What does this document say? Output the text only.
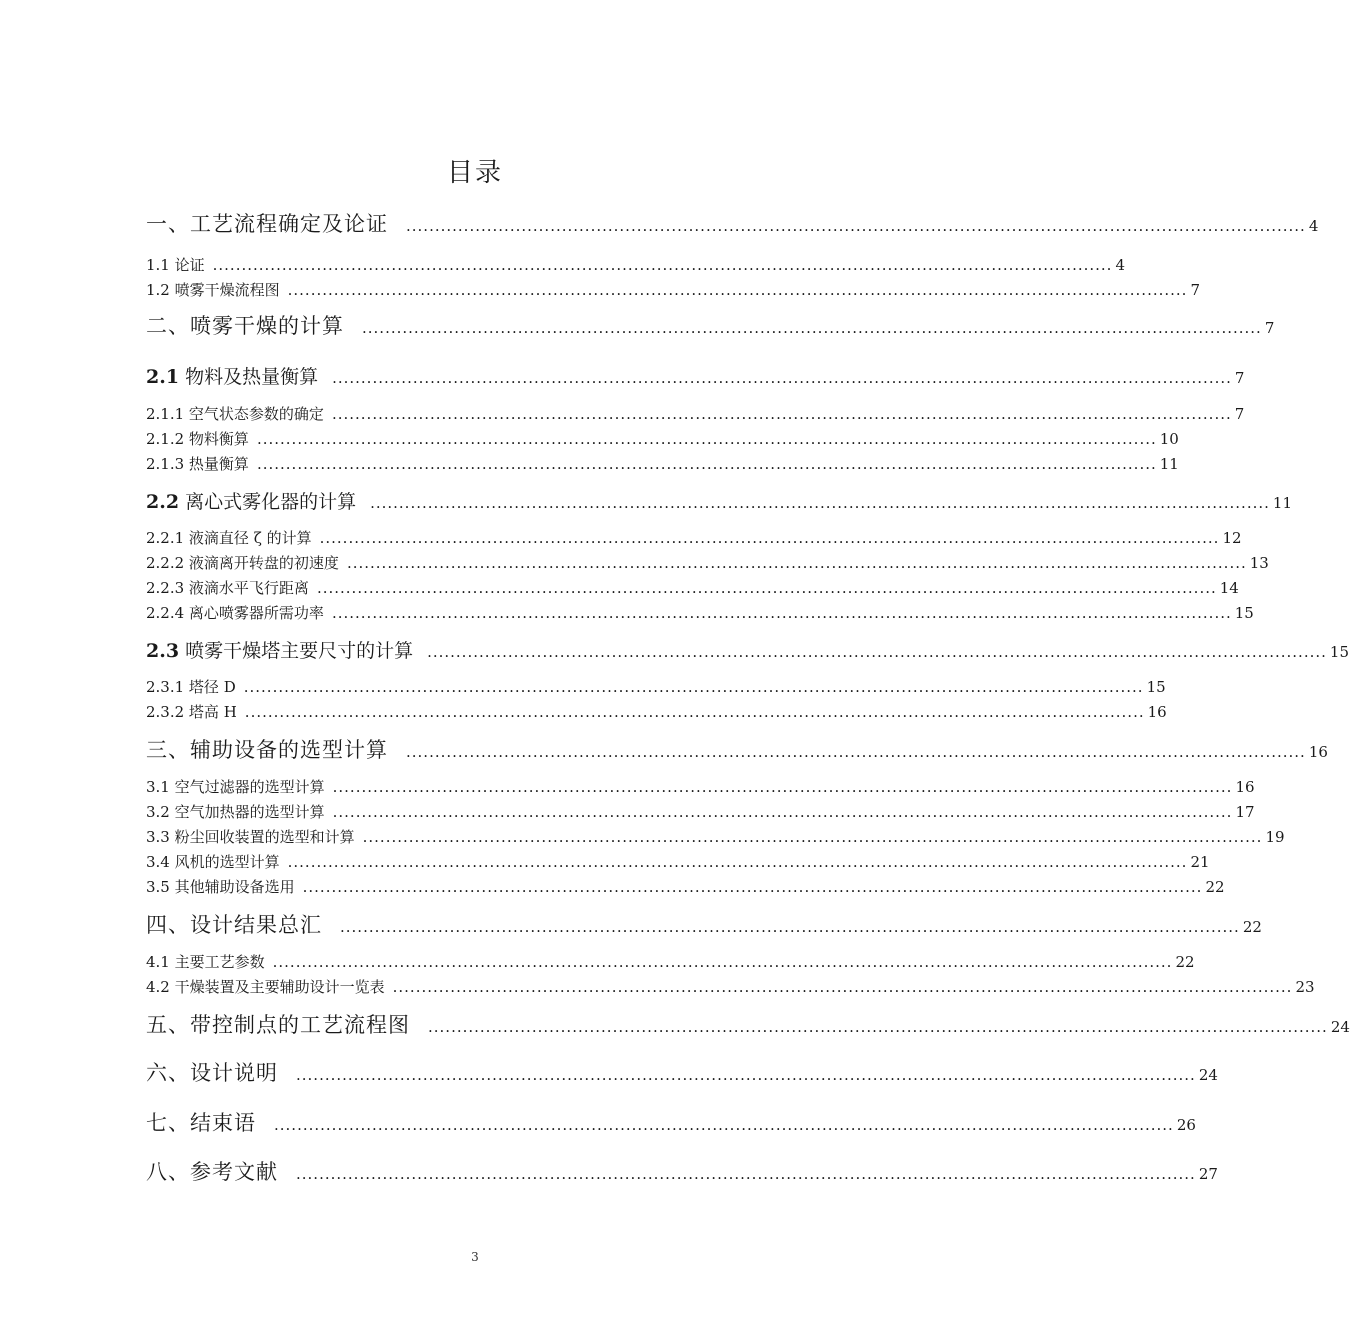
目录
一、工艺流程确定及论证 ............................................................................................................................................................ 4
1.1 论证 ............................................................................................................................................................ 4
1.2 喷雾干燥流程图 ............................................................................................................................................................ 7
二、喷雾干燥的计算 ............................................................................................................................................................ 7
2.1 物料及热量衡算 ............................................................................................................................................................ 7
2.1.1 空气状态参数的确定 ............................................................................................................................................................ 7
2.1.2 物料衡算 ............................................................................................................................................................ 10
2.1.3 热量衡算 ............................................................................................................................................................ 11
2.2 离心式雾化器的计算 ............................................................................................................................................................ 11
2.2.1 液滴直径 ζ 的计算 ............................................................................................................................................................ 12
2.2.2 液滴离开转盘的初速度 ............................................................................................................................................................ 13
2.2.3 液滴水平飞行距离 ............................................................................................................................................................ 14
2.2.4 离心喷雾器所需功率 ............................................................................................................................................................ 15
2.3 喷雾干燥塔主要尺寸的计算 ............................................................................................................................................................ 15
2.3.1 塔径 D ............................................................................................................................................................ 15
2.3.2 塔高 H ............................................................................................................................................................ 16
三、辅助设备的选型计算 ............................................................................................................................................................ 16
3.1 空气过滤器的选型计算 ............................................................................................................................................................ 16
3.2 空气加热器的选型计算 ............................................................................................................................................................ 17
3.3 粉尘回收装置的选型和计算 ............................................................................................................................................................ 19
3.4 风机的选型计算 ............................................................................................................................................................ 21
3.5 其他辅助设备选用 ............................................................................................................................................................ 22
四、设计结果总汇 ............................................................................................................................................................ 22
4.1 主要工艺参数 ............................................................................................................................................................ 22
4.2 干燥装置及主要辅助设计一览表 ............................................................................................................................................................ 23
五、带控制点的工艺流程图 ............................................................................................................................................................ 24
六、设计说明 ............................................................................................................................................................ 24
七、结束语 ............................................................................................................................................................ 26
八、参考文献 ............................................................................................................................................................ 27
3
